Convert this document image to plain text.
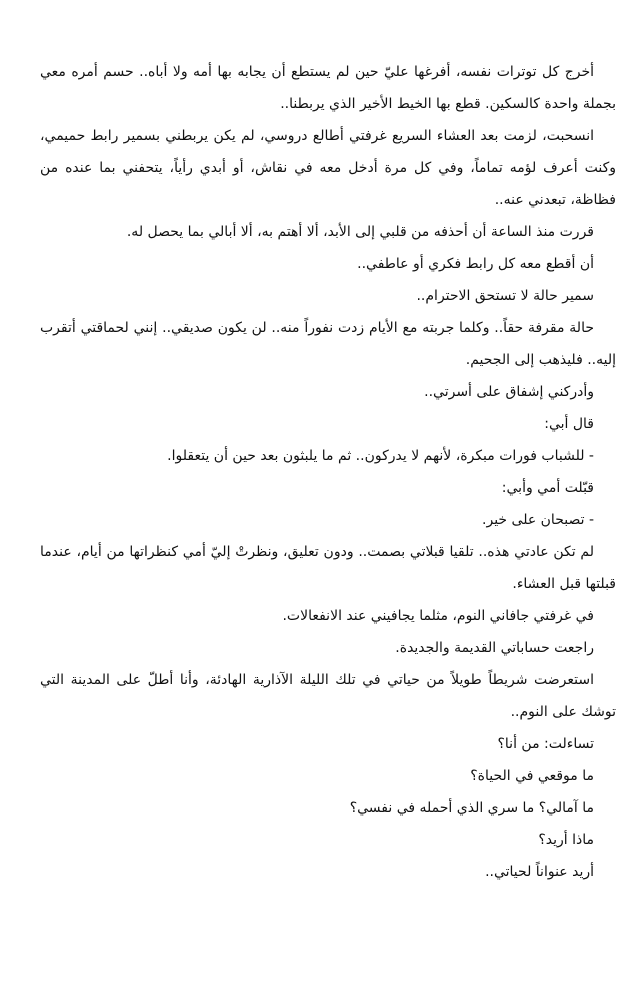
أخرج كل توترات نفسه، أفرغها عليّ حين لم يستطع أن يجابه بها أمه ولا أباه.. حسم أمره معي بجملة واحدة كالسكين. قطع بها الخيط الأخير الذي يربطنا..

انسحبت، لزمت بعد العشاء السريع غرفتي أطالع دروسي، لم يكن يربطني بسمير رابط حميمي، وكنت أعرف لؤمه تماماً، وفي كل مرة أدخل معه في نقاش، أو أبدي رأياً، يتحفني بما عنده من فظاظة، تبعدني عنه..

قررت منذ الساعة أن أحذفه من قلبي إلى الأبد، ألا أهتم به، ألا أبالي بما يحصل له.

أن أقطع معه كل رابط فكري أو عاطفي..

سمير حالة لا تستحق الاحترام..

حالة مقرفة حقاً.. وكلما جربته مع الأيام زدت نفوراً منه.. لن يكون صديقي.. إنني لحماقتي أتقرب إليه.. فليذهب إلى الجحيم.

وأدركني إشفاق على أسرتي..

قال أبي:

- للشباب فورات مبكرة، لأنهم لا يدركون.. ثم ما يلبثون بعد حين أن يتعقلوا.

قبّلت أمي وأبي:

- تصبحان على خير.

لم تكن عادتي هذه.. تلقيا قبلاتي بصمت.. ودون تعليق، ونظرتْ إليّ أمي كنظراتها من أيام، عندما قبلتها قبل العشاء.

في غرفتي جافاني النوم، مثلما يجافيني عند الانفعالات.

راجعت حساباتي القديمة والجديدة.

استعرضت شريطاً طويلاً من حياتي في تلك الليلة الآذارية الهادئة، وأنا أطلّ على المدينة التي توشك على النوم..

تساءلت: من أنا؟

ما موقعي في الحياة؟

ما آمالي؟ ما سري الذي أحمله في نفسي؟

ماذا أريد؟

أريد عنواناً لحياتي..
